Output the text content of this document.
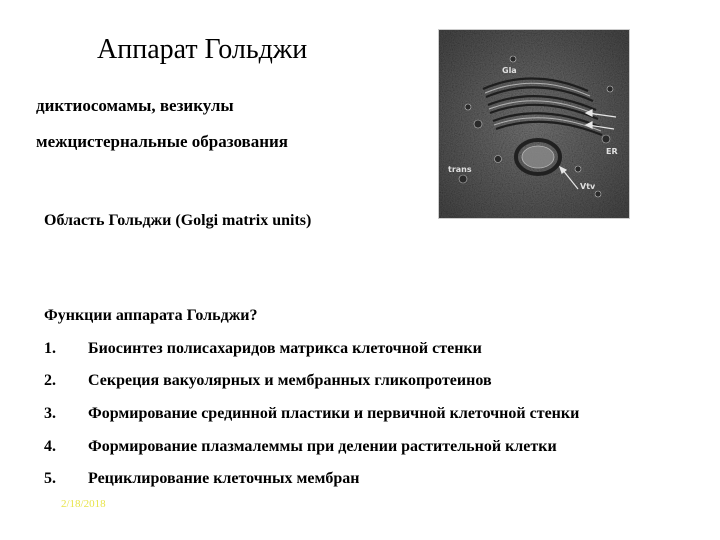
Аппарат Гольджи
диктиосомамы, везикулы
межцистернальные образования
Область Гольджи (Golgi matrix units)
Функции аппарата Гольджи?
1. Биосинтез полисахаридов матрикса клеточной стенки
2. Секреция вакуолярных и мембранных гликопротеинов
3. Формирование срединной пластики и первичной клеточной стенки
4. Формирование плазмалеммы при делении растительной клетки
5. Рециклирование клеточных мембран
2/18/2018
Gla
trans
ER
Vtv
